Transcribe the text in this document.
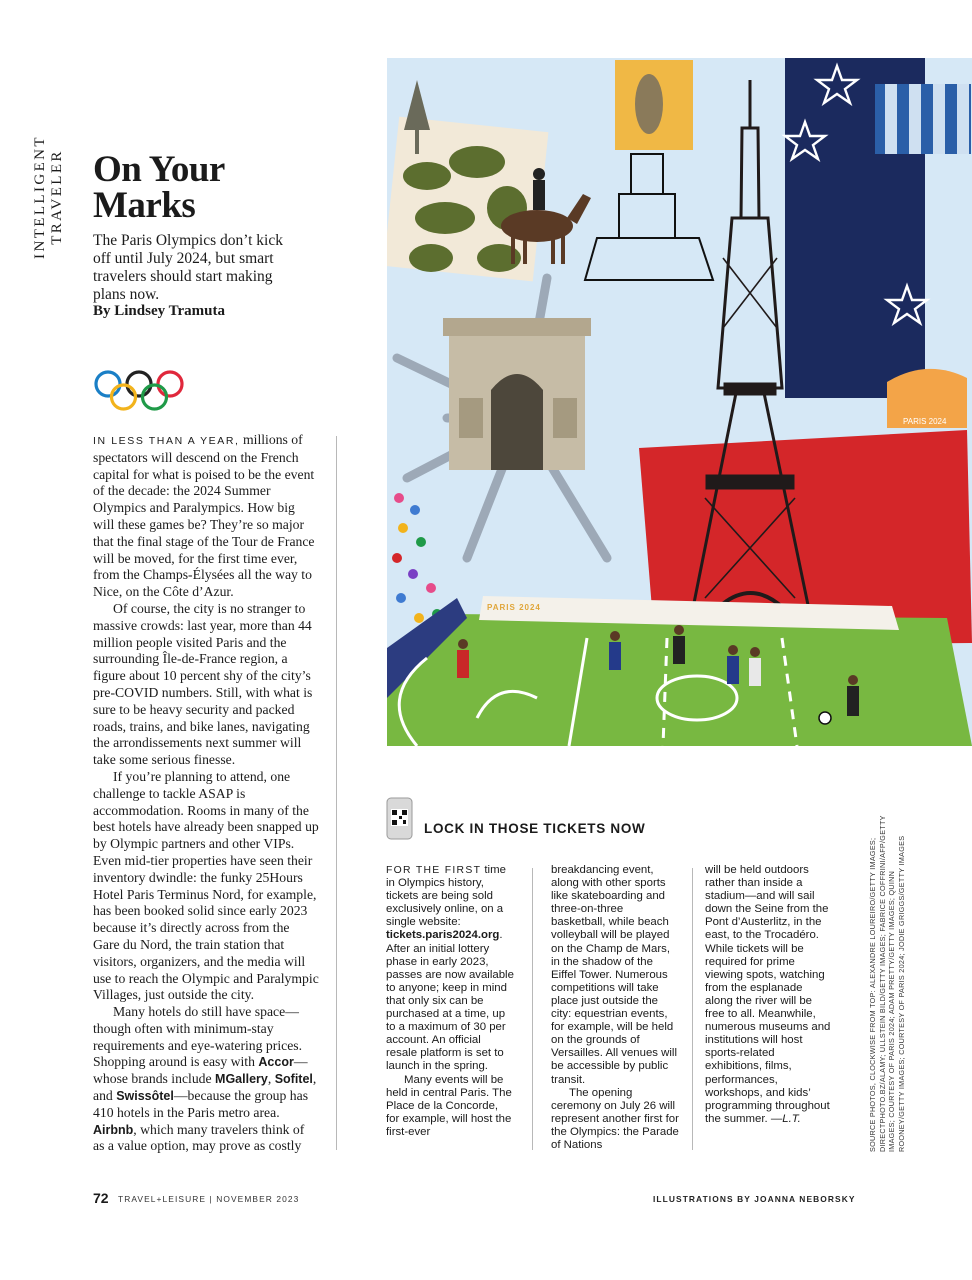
INTELLIGENT TRAVELER On Your
Marks
The Paris Olympics don’t kick off until July 2024, but smart travelers should start making plans now.
By Lindsey Tramuta

IN LESS THAN A YEAR, millions of spectators will descend on the French capital for what is poised to be the event of the decade: the 2024 Summer Olympics and Paralympics. How big will these games be? They’re so major that the final stage of the Tour de France will be moved, for the first time ever, from the Champs-Élysées all the way to Nice, on the Côte d’Azur.

Of course, the city is no stranger to massive crowds: last year, more than 44 million people visited Paris and the surrounding Île-de-France region, a figure about 10 percent shy of the city’s pre-COVID numbers. Still, with what is sure to be heavy security and packed roads, trains, and bike lanes, navigating the arrondissements next summer will take some serious finesse.

If you’re planning to attend, one challenge to tackle ASAP is accommodation. Rooms in many of the best hotels have already been snapped up by Olympic partners and other VIPs. Even mid-tier properties have seen their inventory dwindle: the funky 25Hours Hotel Paris Terminus Nord, for example, has been booked solid since early 2023 because it’s directly across from the Gare du Nord, the train station that visitors, organizers, and the media will use to reach the Olympic and Paralympic Villages, just outside the city.

Many hotels do still have space—though often with minimum-stay requirements and eye-watering prices. Shopping around is easy with Accor—whose brands include MGallery, Sofitel, and Swissôtel—because the group has 410 hotels in the Paris metro area. Airbnb, which many travelers think of as a value option, may prove as costly

PARIS 2024
PARIS 2024
LOCK IN THOSE TICKETS NOW

FOR THE FIRST time in Olympics history, tickets are being sold exclusively online, on a single website: tickets.paris2024.org. After an initial lottery phase in early 2023, passes are now available to anyone; keep in mind that only six can be purchased at a time, up to a maximum of 30 per account. An official resale platform is set to launch in the spring.

Many events will be held in central Paris. The Place de la Concorde, for example, will host the first-ever

breakdancing event, along with other sports like skateboarding and three-on-three basketball, while beach volleyball will be played on the Champ de Mars, in the shadow of the Eiffel Tower. Numerous competitions will take place just outside the city: equestrian events, for example, will be held on the grounds of Versailles. All venues will be accessible by public transit.

The opening ceremony on July 26 will represent another first for the Olympics: the Parade of Nations

will be held outdoors rather than inside a stadium—and will sail down the Seine from the Pont d’Austerlitz, in the east, to the Trocadéro. While tickets will be required for prime viewing spots, watching from the esplanade along the river will be free to all. Meanwhile, numerous museums and institutions will host sports-related exhibitions, films, performances, workshops, and kids’ programming throughout the summer. —L.T.	SOURCE PHOTOS, CLOCKWISE FROM TOP: ALEXANDRE LOUREIRO/GETTY IMAGES; DIRECTPHOTO.BZ/ALAMY; ULLSTEIN BILD/GETTY IMAGES; FABRICE COFFRINI/AFP/GETTY IMAGES; COURTESY OF PARIS 2024; ADAM PRETTY/GETTY IMAGES; QUINN ROONEY/GETTY IMAGES; COURTESY OF PARIS 2024; JODIE GRIGGS/GETTY IMAGES
72 TRAVEL+LEISURE | NOVEMBER 2023	ILLUSTRATIONS BY JOANNA NEBORSKY
